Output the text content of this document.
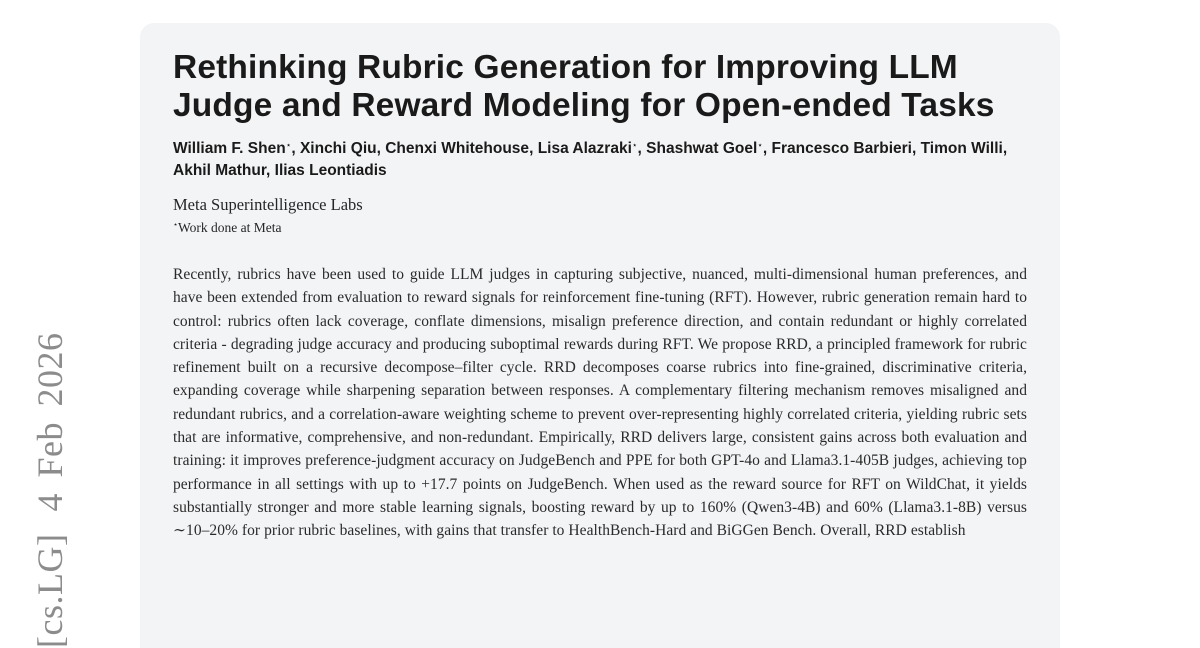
[cs.LG]4 Feb 2026
Rethinking Rubric Generation for Improving LLM Judge and Reward Modeling for Open-ended Tasks
William F. Shen⋆, Xinchi Qiu, Chenxi Whitehouse, Lisa Alazraki⋆, Shashwat Goel⋆, Francesco Barbieri, Timon Willi, Akhil Mathur, Ilias Leontiadis
Meta Superintelligence Labs
⋆Work done at Meta

Recently, rubrics have been used to guide LLM judges in capturing subjective, nuanced, multi-dimensional human preferences, and have been extended from evaluation to reward signals for reinforcement fine-tuning (RFT). However, rubric generation remain hard to control: rubrics often lack coverage, conflate dimensions, misalign preference direction, and contain redundant or highly correlated criteria - degrading judge accuracy and producing suboptimal rewards during RFT. We propose RRD, a principled framework for rubric refinement built on a recursive decompose–filter cycle. RRD decomposes coarse rubrics into fine-grained, discriminative criteria, expanding coverage while sharpening separation between responses. A complementary filtering mechanism removes misaligned and redundant rubrics, and a correlation-aware weighting scheme to prevent over-representing highly correlated criteria, yielding rubric sets that are informative, comprehensive, and non-redundant. Empirically, RRD delivers large, consistent gains across both evaluation and training: it improves preference-judgment accuracy on JudgeBench and PPE for both GPT-4o and Llama3.1-405B judges, achieving top performance in all settings with up to +17.7 points on JudgeBench. When used as the reward source for RFT on WildChat, it yields substantially stronger and more stable learning signals, boosting reward by up to 160% (Qwen3-4B) and 60% (Llama3.1-8B) versus ∼10–20% for prior rubric baselines, with gains that transfer to HealthBench-Hard and BiGGen Bench. Overall, RRD establish
